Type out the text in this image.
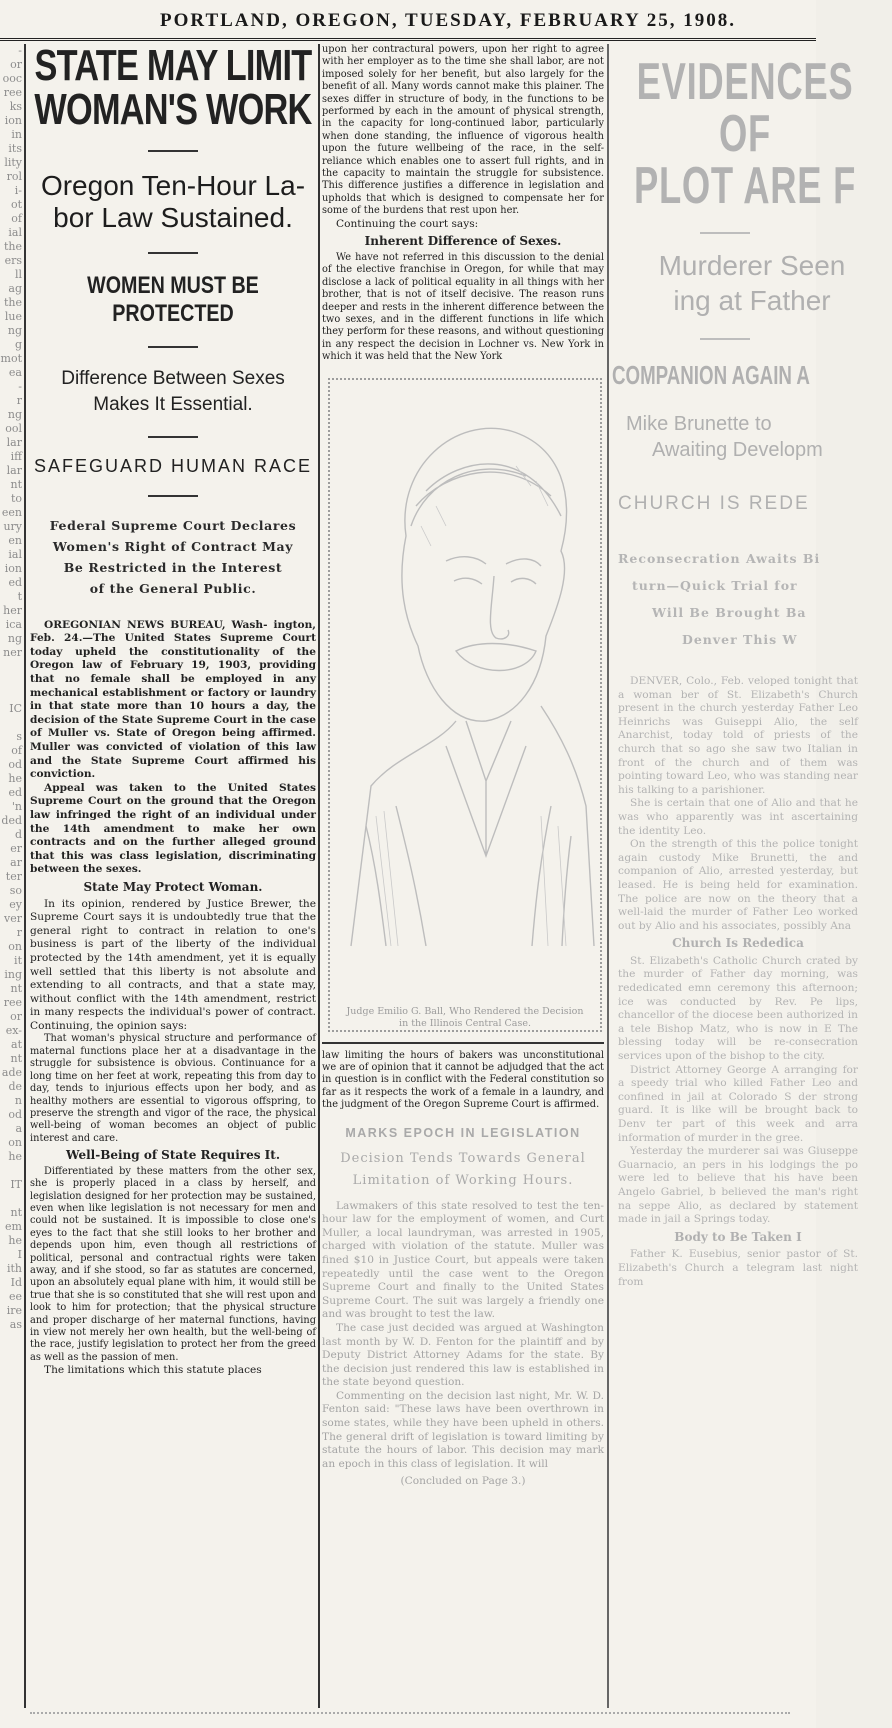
PORTLAND, OREGON, TUESDAY, FEBRUARY 25, 1908.
-
or
ooc
ree
ks
ion
in
its
lity
rol
i-
ot
of
ial
the
ers
ll
ag
the
lue
ng
g
mot
ea
-
r
ng
ool
lar
iff
lar
nt
to
een
ury
en
ial
ion
ed
t
her
ica
ng
ner

IC

s
of
od
he
ed
'n
ded
d
er
ar
ter
so
ey
ver
r
on
it
ing
nt
ree
or
ex-
at
nt
ade
de
n
od
a
on
he

IT

nt
em
he
I
ith
Id
ee
ire
as
STATE MAY LIMIT
WOMAN'S WORK
Oregon Ten-Hour La-
bor Law Sustained.
WOMEN MUST BE PROTECTED
Difference Between Sexes
Makes It Essential.
SAFEGUARD HUMAN RACE
Federal Supreme Court Declares
Women's Right of Contract May
Be Restricted in the Interest
of the General Public.

OREGONIAN NEWS BUREAU, Wash- ington, Feb. 24.—The United States Supreme Court today upheld the constitutionality of the Oregon law of February 19, 1903, providing that no female shall be employed in any mechanical establishment or factory or laundry in that state more than 10 hours a day, the decision of the State Supreme Court in the case of Muller vs. State of Oregon being affirmed. Muller was convicted of violation of this law and the State Supreme Court affirmed his conviction.

Appeal was taken to the United States Supreme Court on the ground that the Oregon law infringed the right of an individual under the 14th amendment to make her own contracts and on the further alleged ground that this was class legislation, discriminating between the sexes.

State May Protect Woman.

In its opinion, rendered by Justice Brewer, the Supreme Court says it is undoubtedly true that the general right to contract in relation to one's business is part of the liberty of the individual protected by the 14th amendment, yet it is equally well settled that this liberty is not absolute and extending to all contracts, and that a state may, without conflict with the 14th amendment, restrict in many respects the individual's power of contract. Continuing, the opinion says:

That woman's physical structure and performance of maternal functions place her at a disadvantage in the struggle for subsistence is obvious. Continuance for a long time on her feet at work, repeating this from day to day, tends to injurious effects upon her body, and as healthy mothers are essential to vigorous offspring, to preserve the strength and vigor of the race, the physical well-being of woman becomes an object of public interest and care.

Well-Being of State Requires It.

Differentiated by these matters from the other sex, she is properly placed in a class by herself, and legislation designed for her protection may be sustained, even when like legislation is not necessary for men and could not be sustained. It is impossible to close one's eyes to the fact that she still looks to her brother and depends upon him, even though all restrictions of political, personal and contractual rights were taken away, and if she stood, so far as statutes are concerned, upon an absolutely equal plane with him, it would still be true that she is so constituted that she will rest upon and look to him for protection; that the physical structure and proper discharge of her maternal functions, having in view not merely her own health, but the well-being of the race, justify legislation to protect her from the greed as well as the passion of men.

The limitations which this statute places

upon her contractural powers, upon her right to agree with her employer as to the time she shall labor, are not imposed solely for her benefit, but also largely for the benefit of all. Many words cannot make this plainer. The sexes differ in structure of body, in the functions to be performed by each in the amount of physical strength, in the capacity for long-continued labor, particularly when done standing, the influence of vigorous health upon the future wellbeing of the race, in the self-reliance which enables one to assert full rights, and in the capacity to maintain the struggle for subsistence. This difference justifies a difference in legislation and upholds that which is designed to compensate her for some of the burdens that rest upon her.

Continuing the court says:

Inherent Difference of Sexes.

We have not referred in this discussion to the denial of the elective franchise in Oregon, for while that may disclose a lack of political equality in all things with her brother, that is not of itself decisive. The reason runs deeper and rests in the inherent difference between the two sexes, and in the different functions in life which they perform for these reasons, and without questioning in any respect the decision in Lochner vs. New York in which it was held that the New York

Judge Emilio G. Ball, Who Rendered the Decision in the Illinois Central Case.

law limiting the hours of bakers was unconstitutional we are of opinion that it cannot be adjudged that the act in question is in conflict with the Federal constitution so far as it respects the work of a female in a laundry, and the judgment of the Oregon Supreme Court is affirmed.

MARKS EPOCH IN LEGISLATION
Decision Tends Towards General
Limitation of Working Hours.

Lawmakers of this state resolved to test the ten-hour law for the employment of women, and Curt Muller, a local laundryman, was arrested in 1905, charged with violation of the statute. Muller was fined $10 in Justice Court, but appeals were taken repeatedly until the case went to the Oregon Supreme Court and finally to the United States Supreme Court. The suit was largely a friendly one and was brought to test the law.

The case just decided was argued at Washington last month by W. D. Fenton for the plaintiff and by Deputy District Attorney Adams for the state. By the decision just rendered this law is established in the state beyond question.

Commenting on the decision last night, Mr. W. D. Fenton said: "These laws have been overthrown in some states, while they have been upheld in others. The general drift of legislation is toward limiting by statute the hours of labor. This decision may mark an epoch in this class of legislation. It will

(Concluded on Page 3.)
EVIDENCES OF
PLOT ARE F
Murderer Seen
ing at Father
COMPANION AGAIN A
Mike Brunette to
Awaiting Developm
CHURCH IS REDE
Reconsecration Awaits Bi
turn—Quick Trial for
Will Be Brought Ba
Denver This W

DENVER, Colo., Feb. veloped tonight that a woman ber of St. Elizabeth's Church present in the church yesterday Father Leo Heinrichs was Guiseppi Alio, the self Anarchist, today told of priests of the church that so ago she saw two Italian in front of the church and of them was pointing toward Leo, who was standing near his talking to a parishioner.

She is certain that one of Alio and that he was who apparently was int ascertaining the identity Leo.

On the strength of this the police tonight again custody Mike Brunetti, the and companion of Alio, arrested yesterday, but leased. He is being held for examination. The police are now on the theory that a well-laid the murder of Father Leo worked out by Alio and his associates, possibly Ana

Church Is Rededica

St. Elizabeth's Catholic Church crated by the murder of Father day morning, was rededicated emn ceremony this afternoon; ice was conducted by Rev. Pe lips, chancellor of the diocese been authorized in a tele Bishop Matz, who is now in E The blessing today will be re-consecration services upon of the bishop to the city.

District Attorney George A arranging for a speedy trial who killed Father Leo and confined in jail at Colorado S der strong guard. It is like will be brought back to Denv ter part of this week and arra information of murder in the gree.

Yesterday the murderer sai was Giuseppe Guarnacio, an pers in his lodgings the po were led to believe that his have been Angelo Gabriel, b believed the man's right na seppe Alio, as declared by statement made in jail a Springs today.

Body to Be Taken I

Father K. Eusebius, senior pastor of St. Elizabeth's Church a telegram last night from
